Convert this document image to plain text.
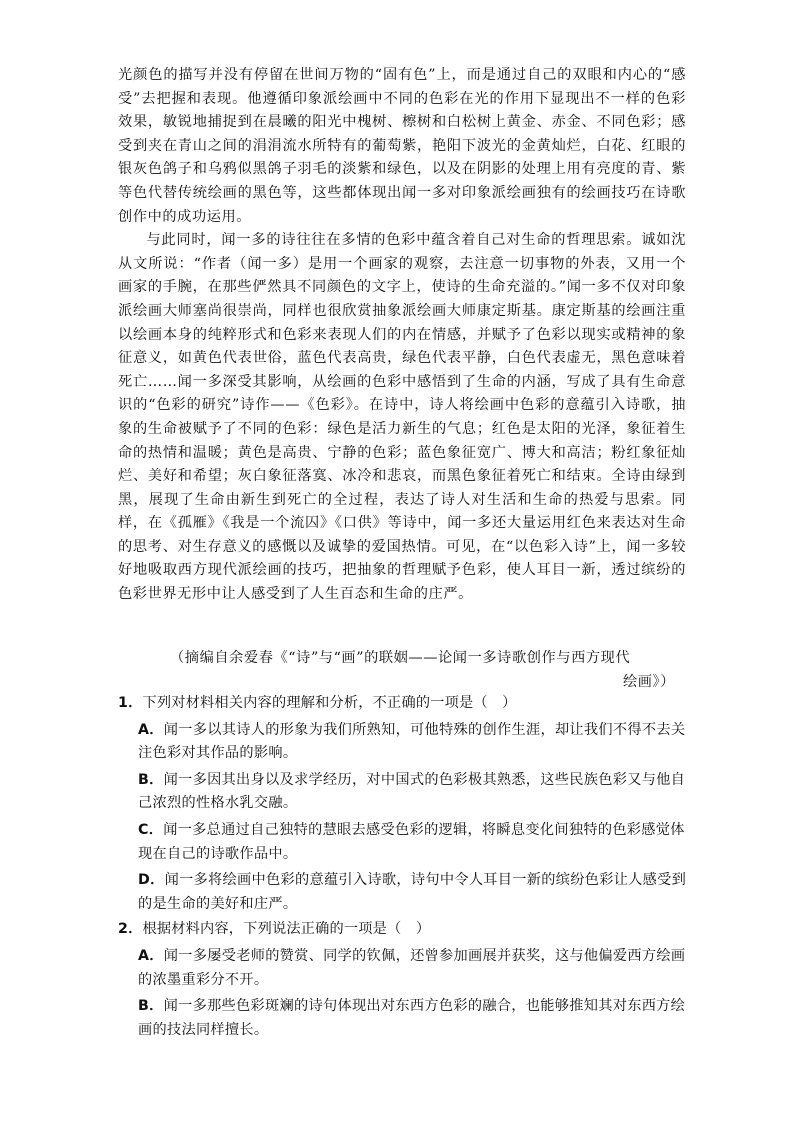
光颜色的描写并没有停留在世间万物的“固有色”上，而是通过自己的双眼和内心的“感受”去把握和表现。他遵循印象派绘画中不同的色彩在光的作用下显现出不一样的色彩效果，敏锐地捕捉到在晨曦的阳光中槐树、檫树和白松树上黄金、赤金、不同色彩；感受到夹在青山之间的涓涓流水所特有的葡萄紫，艳阳下波光的金黄灿烂，白花、红眼的银灰色鸽子和乌鸦似黑鸽子羽毛的淡紫和绿色，以及在阴影的处理上用有亮度的青、紫等色代替传统绘画的黑色等，这些都体现出闻一多对印象派绘画独有的绘画技巧在诗歌创作中的成功运用。

与此同时，闻一多的诗往往在多情的色彩中蕴含着自己对生命的哲理思索。诚如沈从文所说：“作者（闻一多）是用一个画家的观察，去注意一切事物的外表，又用一个画家的手腕，在那些俨然具不同颜色的文字上，使诗的生命充溢的。”闻一多不仅对印象派绘画大师塞尚很崇尚，同样也很欣赏抽象派绘画大师康定斯基。康定斯基的绘画注重以绘画本身的纯粹形式和色彩来表现人们的内在情感，并赋予了色彩以现实或精神的象征意义，如黄色代表世俗，蓝色代表高贵，绿色代表平静，白色代表虚无，黑色意味着死亡……闻一多深受其影响，从绘画的色彩中感悟到了生命的内涵，写成了具有生命意识的“色彩的研究”诗作——《色彩》。在诗中，诗人将绘画中色彩的意蕴引入诗歌，抽象的生命被赋予了不同的色彩：绿色是活力新生的气息；红色是太阳的光泽，象征着生命的热情和温暖；黄色是高贵、宁静的色彩；蓝色象征宽广、博大和高洁；粉红象征灿烂、美好和希望；灰白象征落寞、冰冷和悲哀，而黑色象征着死亡和结束。全诗由绿到黑，展现了生命由新生到死亡的全过程，表达了诗人对生活和生命的热爱与思索。同样，在《孤雁》《我是一个流囚》《口供》等诗中，闻一多还大量运用红色来表达对生命的思考、对生存意义的感慨以及诚挚的爱国热情。可见，在“以色彩入诗”上，闻一多较好地吸取西方现代派绘画的技巧，把抽象的哲理赋予色彩，使人耳目一新，透过缤纷的色彩世界无形中让人感受到了人生百态和生命的庄严。

（摘编自余爱春《“诗”与“画”的联姻——论闻一多诗歌创作与西方现代
绘画》）
1．下列对材料相关内容的理解和分析，不正确的一项是（　）
A．闻一多以其诗人的形象为我们所熟知，可他特殊的创作生涯，却让我们不得不去关注色彩对其作品的影响。
B．闻一多因其出身以及求学经历，对中国式的色彩极其熟悉，这些民族色彩又与他自己浓烈的性格水乳交融。
C．闻一多总通过自己独特的慧眼去感受色彩的逻辑，将瞬息变化间独特的色彩感觉体现在自己的诗歌作品中。
D．闻一多将绘画中色彩的意蕴引入诗歌，诗句中令人耳目一新的缤纷色彩让人感受到的是生命的美好和庄严。
2．根据材料内容，下列说法正确的一项是（　）
A．闻一多屡受老师的赞赏、同学的钦佩，还曾参加画展并获奖，这与他偏爱西方绘画的浓墨重彩分不开。
B．闻一多那些色彩斑斓的诗句体现出对东西方色彩的融合，也能够推知其对东西方绘画的技法同样擅长。
